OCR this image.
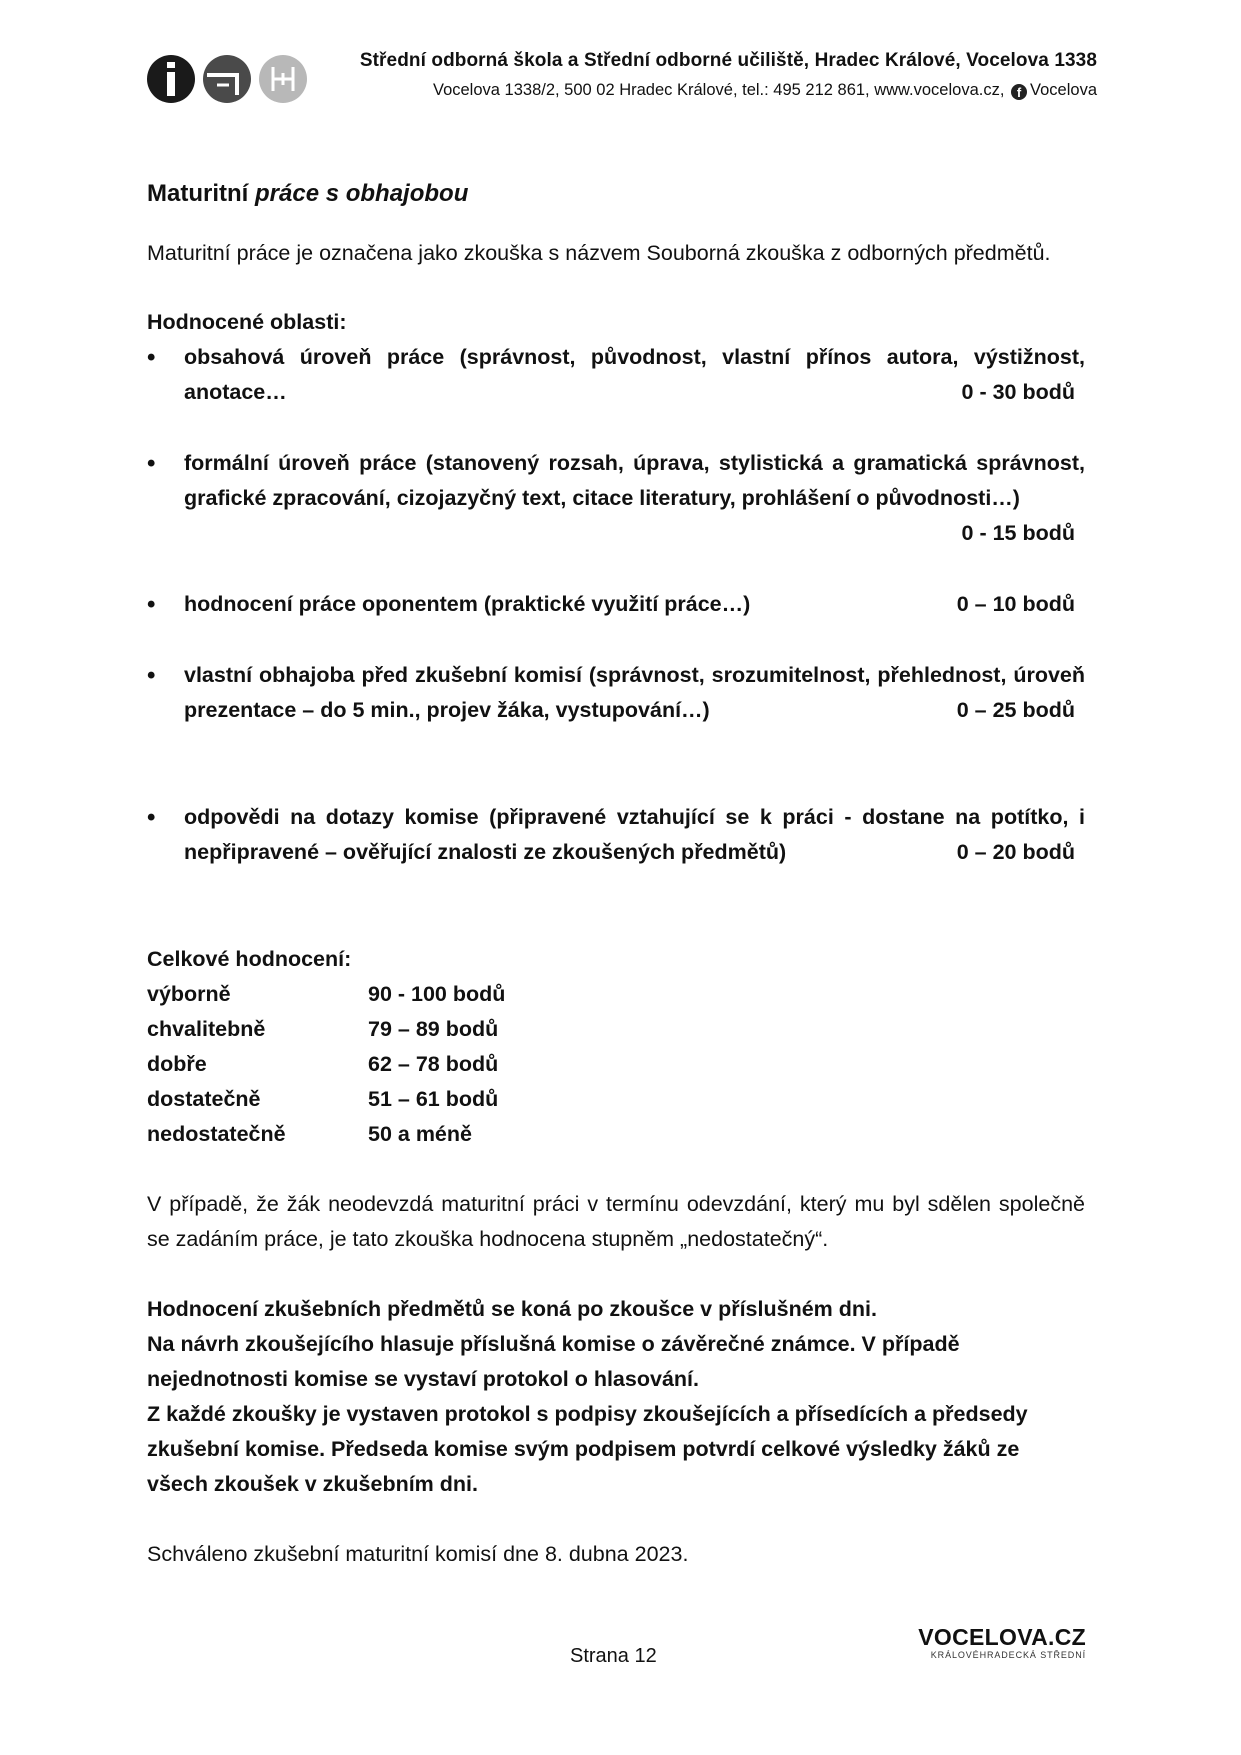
Střední odborná škola a Střední odborné učiliště, Hradec Králové, Vocelova 1338
Vocelova 1338/2, 500 02 Hradec Králové, tel.: 495 212 861, www.vocelova.cz, f Vocelova
Maturitní práce s obhajobou

Maturitní práce je označena jako zkouška s názvem Souborná zkouška z odborných předmětů.

Hodnocené oblasti:

• obsahová úroveň práce (správnost, původnost, vlastní přínos autora, výstižnost, anotace…	0 - 30 bodů
• formální úroveň práce (stanovený rozsah, úprava, stylistická a gramatická správnost, grafické zpracování, cizojazyčný text, citace literatury, prohlášení o původnosti…)
0 - 15 bodů
• hodnocení práce oponentem (praktické využití práce…)	0 – 10 bodů
• vlastní obhajoba před zkušební komisí (správnost, srozumitelnost, přehlednost, úroveň prezentace – do 5 min., projev žáka, vystupování…)	0 – 25 bodů
• odpovědi na dotazy komise (připravené vztahující se k práci - dostane na potítko, i nepřipravené – ověřující znalosti ze zkoušených předmětů)	0 – 20 bodů

Celkové hodnocení:

výborně	90 - 100 bodů
chvalitebně	79 – 89 bodů
dobře	62 – 78 bodů
dostatečně	51 – 61 bodů
nedostatečně	50 a méně

V případě, že žák neodevzdá maturitní práci v termínu odevzdání, který mu byl sdělen společně se zadáním práce, je tato zkouška hodnocena stupněm „nedostatečný“.

Hodnocení zkušebních předmětů se koná po zkoušce v příslušném dni.

Na návrh zkoušejícího hlasuje příslušná komise o závěrečné známce. V případě nejednotnosti komise se vystaví protokol o hlasování.

Z každé zkoušky je vystaven protokol s podpisy zkoušejících a přísedících a předsedy zkušební komise. Předseda komise svým podpisem potvrdí celkové výsledky žáků ze všech zkoušek v zkušebním dni.

Schváleno zkušební maturitní komisí dne 8. dubna 2023.

Strana 12
VOCELOVA.CZ
KRÁLOVÉHRADECKÁ STŘEDNÍ
